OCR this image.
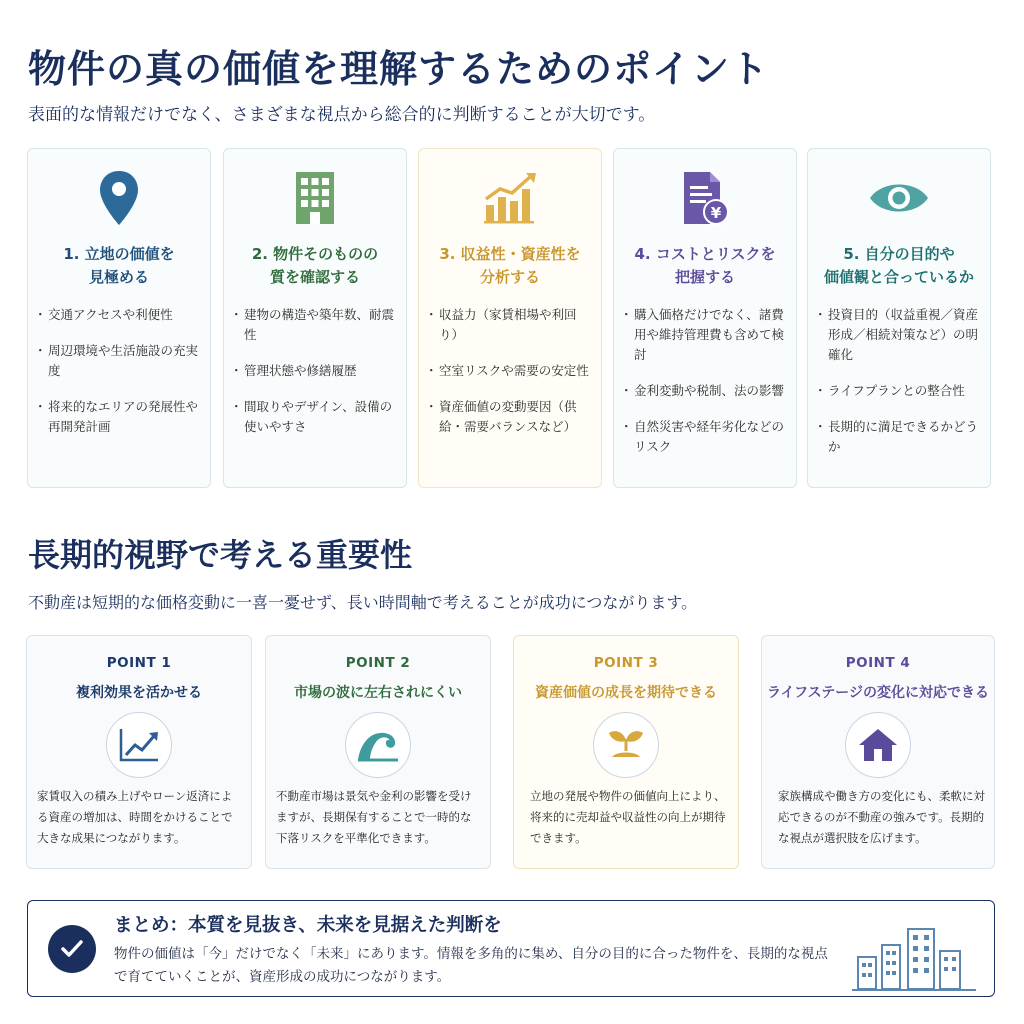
物件の真の価値を理解するためのポイント
表面的な情報だけでなく、さまざまな視点から総合的に判断することが大切です。
1. 立地の価値を
見極める
・ 交通アクセスや利便性
・ 周辺環境や生活施設の充実度
・ 将来的なエリアの発展性や再開発計画
2. 物件そのものの
質を確認する
・ 建物の構造や築年数、耐震性
・ 管理状態や修繕履歴
・ 間取りやデザイン、設備の使いやすさ
3. 収益性・資産性を
分析する
・ 収益力（家賃相場や利回り）
・ 空室リスクや需要の安定性
・ 資産価値の変動要因（供給・需要バランスなど）
¥
4. コストとリスクを
把握する
・ 購入価格だけでなく、諸費用や維持管理費も含めて検討
・ 金利変動や税制、法の影響
・ 自然災害や経年劣化などのリスク
5. 自分の目的や
価値観と合っているか
・ 投資目的（収益重視／資産形成／相続対策など）の明確化
・ ライフプランとの整合性
・ 長期的に満足できるかどうか
長期的視野で考える重要性
不動産は短期的な価格変動に一喜一憂せず、長い時間軸で考えることが成功につながります。
POINT 1
複利効果を活かせる
家賃収入の積み上げやローン返済による資産の増加は、時間をかけることで大きな成果につながります。
POINT 2
市場の波に左右されにくい
不動産市場は景気や金利の影響を受けますが、長期保有することで一時的な下落リスクを平準化できます。
POINT 3
資産価値の成長を期待できる
立地の発展や物件の価値向上により、将来的に売却益や収益性の向上が期待できます。
POINT 4
ライフステージの変化に対応できる
家族構成や働き方の変化にも、柔軟に対応できるのが不動産の強みです。長期的な視点が選択肢を広げます。
まとめ：本質を見抜き、未来を見据えた判断を
物件の価値は「今」だけでなく「未来」にあります。情報を多角的に集め、自分の目的に合った物件を、長期的な視点で育てていくことが、資産形成の成功につながります。
